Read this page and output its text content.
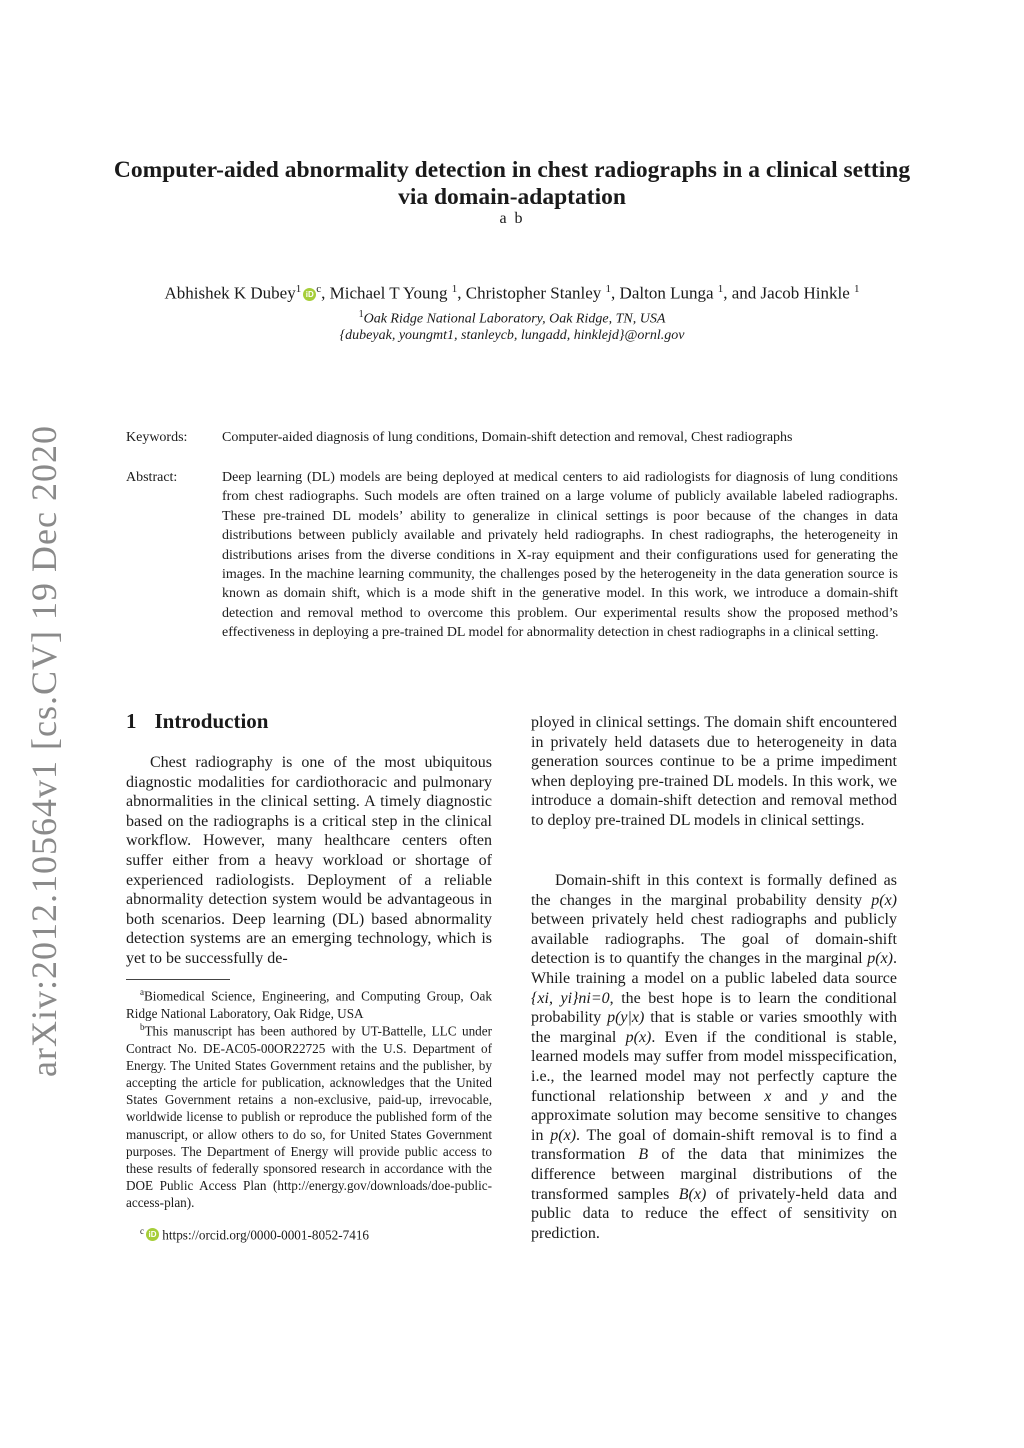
arXiv:2012.10564v1 [cs.CV] 19 Dec 2020
Computer-aided abnormality detection in chest radiographs in a clinical setting via domain-adaptation
a b
Abhishek K Dubey$^1$ iD $^c$, Michael T Young $^1$, Christopher Stanley $^1$, Dalton Lunga $^1$, and Jacob Hinkle $^1$
$^1$Oak Ridge National Laboratory, Oak Ridge, TN, USA
{dubeyak, youngmt1, stanleycb, lungadd, hinklejd}@ornl.gov
Keywords: Computer-aided diagnosis of lung conditions, Domain-shift detection and removal, Chest radiographs
Abstract:	Deep learning (DL) models are being deployed at medical centers to aid radiologists for diagnosis of lung conditions from chest radiographs. Such models are often trained on a large volume of publicly available labeled radiographs. These pre-trained DL models’ ability to generalize in clinical settings is poor because of the changes in data distributions between publicly available and privately held radiographs. In chest radiographs, the heterogeneity in distributions arises from the diverse conditions in X-ray equipment and their configurations used for generating the images. In the machine learning community, the challenges posed by the heterogeneity in the data generation source is known as domain shift, which is a mode shift in the generative model. In this work, we introduce a domain-shift detection and removal method to overcome this problem. Our experimental results show the proposed method’s effectiveness in deploying a pre-trained DL model for abnormality detection in chest radiographs in a clinical setting.
1 Introduction

Chest radiography is one of the most ubiquitous diagnostic modalities for cardiothoracic and pulmonary abnormalities in the clinical setting. A timely diagnostic based on the radiographs is a critical step in the clinical workflow. However, many healthcare centers often suffer either from a heavy workload or shortage of experienced radiologists. Deployment of a reliable abnormality detection system would be advantageous in both scenarios. Deep learning (DL) based abnormality detection systems are an emerging technology, which is yet to be successfully de-

ployed in clinical settings. The domain shift encountered in privately held datasets due to heterogeneity in data generation sources continue to be a prime impediment when deploying pre-trained DL models. In this work, we introduce a domain-shift detection and removal method to deploy pre-trained DL models in clinical settings.

Domain-shift in this context is formally defined as the changes in the marginal probability density p(x) between privately held chest radiographs and publicly available radiographs. The goal of domain-shift detection is to quantify the changes in the marginal p(x). While training a model on a public labeled data source {xi, yi}ni=0, the best hope is to learn the conditional probability p(y|x) that is stable or varies smoothly with the marginal p(x). Even if the conditional is stable, learned models may suffer from model misspecification, i.e., the learned model may not perfectly capture the functional relationship between x and y and the approximate solution may become sensitive to changes in p(x). The goal of domain-shift removal is to find a transformation B of the data that minimizes the difference between marginal distributions of the transformed samples B(x) of privately-held data and public data to reduce the effect of sensitivity on prediction.

$^a$Biomedical Science, Engineering, and Computing Group, Oak Ridge National Laboratory, Oak Ridge, USA

$^b$This manuscript has been authored by UT-Battelle, LLC under Contract No. DE-AC05-00OR22725 with the U.S. Department of Energy. The United States Government retains and the publisher, by accepting the article for publication, acknowledges that the United States Government retains a non-exclusive, paid-up, irrevocable, worldwide license to publish or reproduce the published form of the manuscript, or allow others to do so, for United States Government purposes. The Department of Energy will provide public access to these results of federally sponsored research in accordance with the DOE Public Access Plan (http://energy.gov/downloads/doe-public-access-plan).

$^c$ iD https://orcid.org/0000-0001-8052-7416
